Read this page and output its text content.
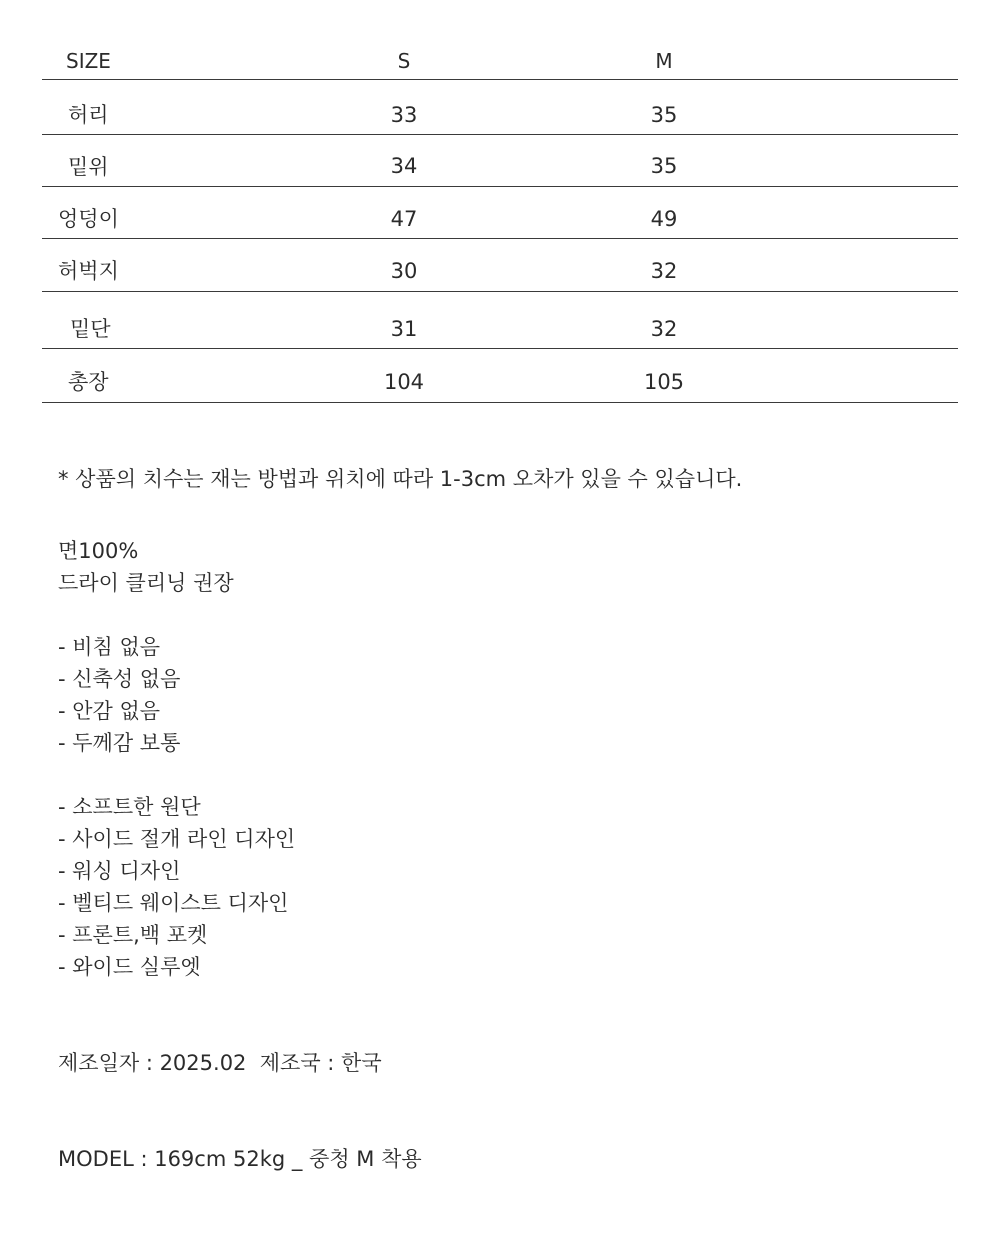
SIZE	S	M
허리	33	35
밑위	34	35
엉덩이	47	49
허벅지	30	32
밑단	31	32
총장	104	105
* 상품의 치수는 재는 방법과 위치에 따라 1-3cm 오차가 있을 수 있습니다.
면100%
드라이 클리닝 권장
- 비침 없음
- 신축성 없음
- 안감 없음
- 두께감 보통
- 소프트한 원단
- 사이드 절개 라인 디자인
- 워싱 디자인
- 벨티드 웨이스트 디자인
- 프론트,백 포켓
- 와이드 실루엣
제조일자 : 2025.02  제조국 : 한국
MODEL : 169cm 52kg _ 중청 M 착용
